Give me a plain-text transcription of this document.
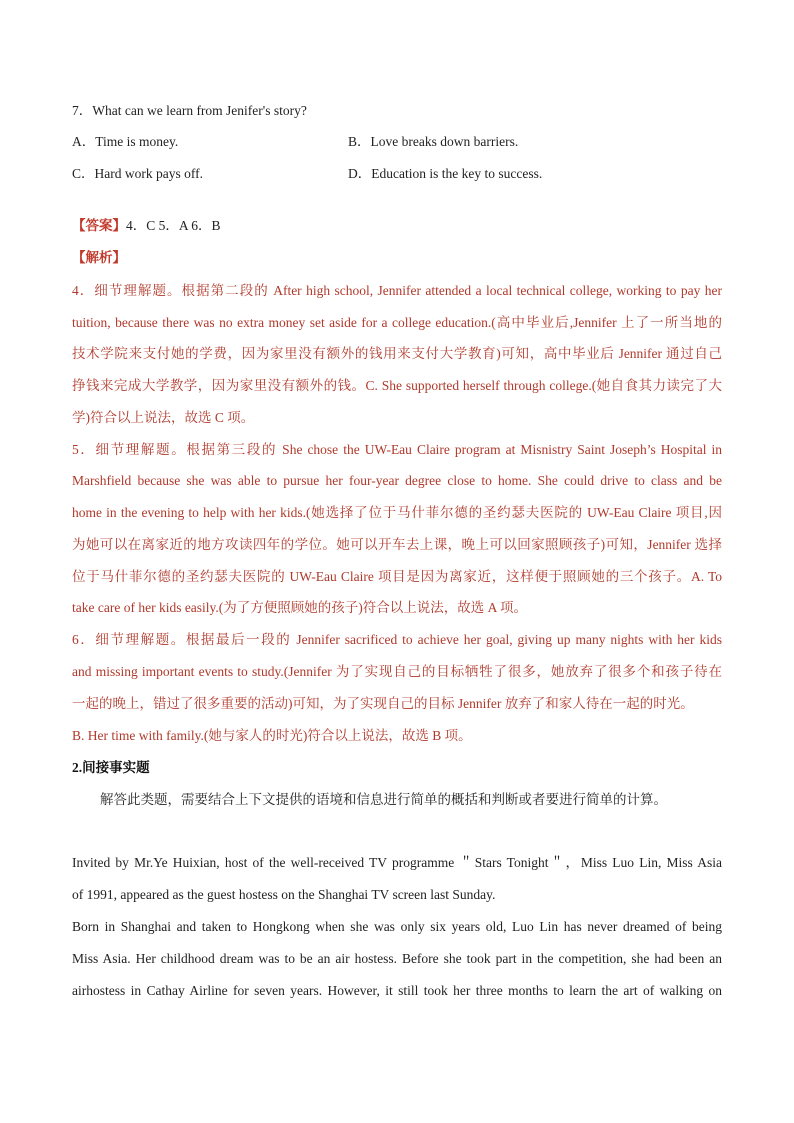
7．What can we learn from Jenifer's story?
A．Time is money.	B．Love breaks down barriers.
C．Hard work pays off.	D．Education is the key to success.
【答案】4．C 5．A 6．B
【解析】
4．细节理解题。根据第二段的 After high school, Jennifer attended a local technical college, working to pay her
tuition, because there was no extra money set aside for a college education.(高中毕业后,Jennifer 上了一所当地的
技术学院来支付她的学费，因为家里没有额外的钱用来支付大学教育)可知，高中毕业后 Jennifer 通过自己
挣钱来完成大学教学，因为家里没有额外的钱。C. She supported herself through college.(她自食其力读完了大
学)符合以上说法，故选 C 项。
5．细节理解题。根据第三段的 She chose the UW-Eau Claire program at Misnistry Saint Joseph’s Hospital in
Marshfield because she was able to pursue her four-year degree close to home. She could drive to class and be
home in the evening to help with her kids.(她选择了位于马什菲尔德的圣约瑟夫医院的 UW-Eau Claire 项目,因
为她可以在离家近的地方攻读四年的学位。她可以开车去上课，晚上可以回家照顾孩子)可知，Jennifer 选择
位于马什菲尔德的圣约瑟夫医院的 UW-Eau Claire 项目是因为离家近，这样便于照顾她的三个孩子。A. To
take care of her kids easily.(为了方便照顾她的孩子)符合以上说法，故选 A 项。
6．细节理解题。根据最后一段的 Jennifer sacrificed to achieve her goal, giving up many nights with her kids
and missing important events to study.(Jennifer 为了实现自己的目标牺牲了很多，她放弃了很多个和孩子待在
一起的晚上，错过了很多重要的活动)可知，为了实现自己的目标 Jennifer 放弃了和家人待在一起的时光。
B. Her time with family.(她与家人的时光)符合以上说法，故选 B 项。
2.间接事实题
解答此类题，需要结合上下文提供的语境和信息进行简单的概括和判断或者要进行简单的计算。
Invited by Mr.Ye Huixian, host of the well-received TV programme ＂Stars Tonight＂，Miss Luo Lin, Miss Asia
of 1991, appeared as the guest hostess on the Shanghai TV screen last Sunday.
Born in Shanghai and taken to Hongkong when she was only six years old, Luo Lin has never dreamed of being
Miss Asia. Her childhood dream was to be an air hostess. Before she took part in the competition, she had been an
airhostess in Cathay Airline for seven years. However, it still took her three months to learn the art of walking on
